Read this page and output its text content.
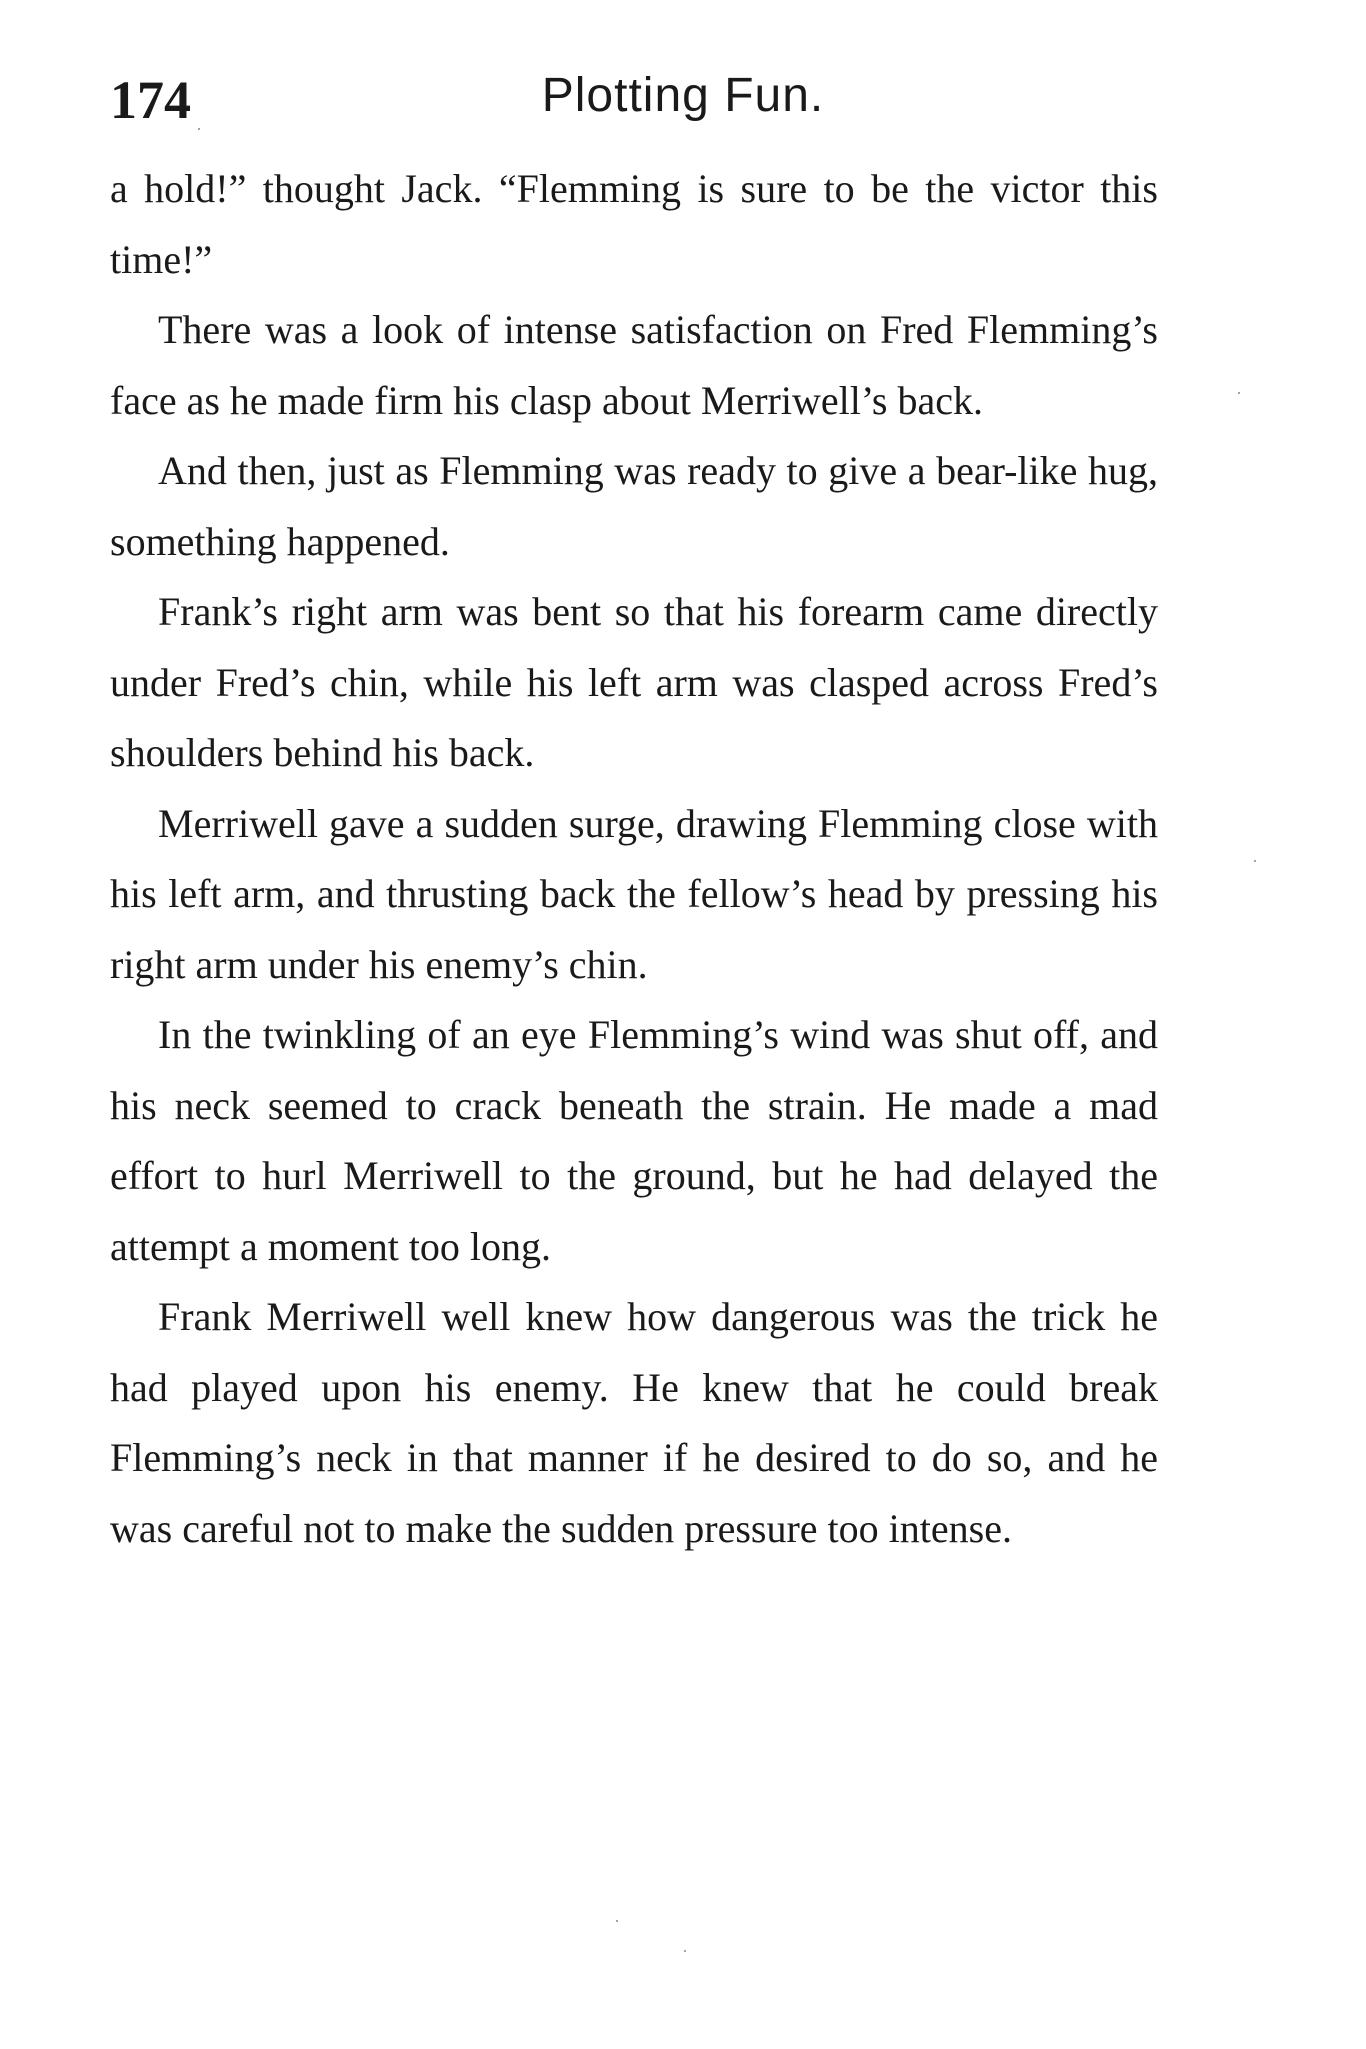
174	Plotting Fun.

a hold!” thought Jack. “Flemming is sure to be the victor this time!”

There was a look of intense satisfaction on Fred Flemming’s face as he made firm his clasp about Merriwell’s back.

And then, just as Flemming was ready to give a bear-like hug, something happened.

Frank’s right arm was bent so that his forearm came directly under Fred’s chin, while his left arm was clasped across Fred’s shoulders behind his back.

Merriwell gave a sudden surge, drawing Flemming close with his left arm, and thrusting back the fellow’s head by pressing his right arm under his enemy’s chin.

In the twinkling of an eye Flemming’s wind was shut off, and his neck seemed to crack beneath the strain. He made a mad effort to hurl Merriwell to the ground, but he had delayed the attempt a moment too long.

Frank Merriwell well knew how dangerous was the trick he had played upon his enemy. He knew that he could break Flemming’s neck in that manner if he desired to do so, and he was careful not to make the sudden pressure too intense.
